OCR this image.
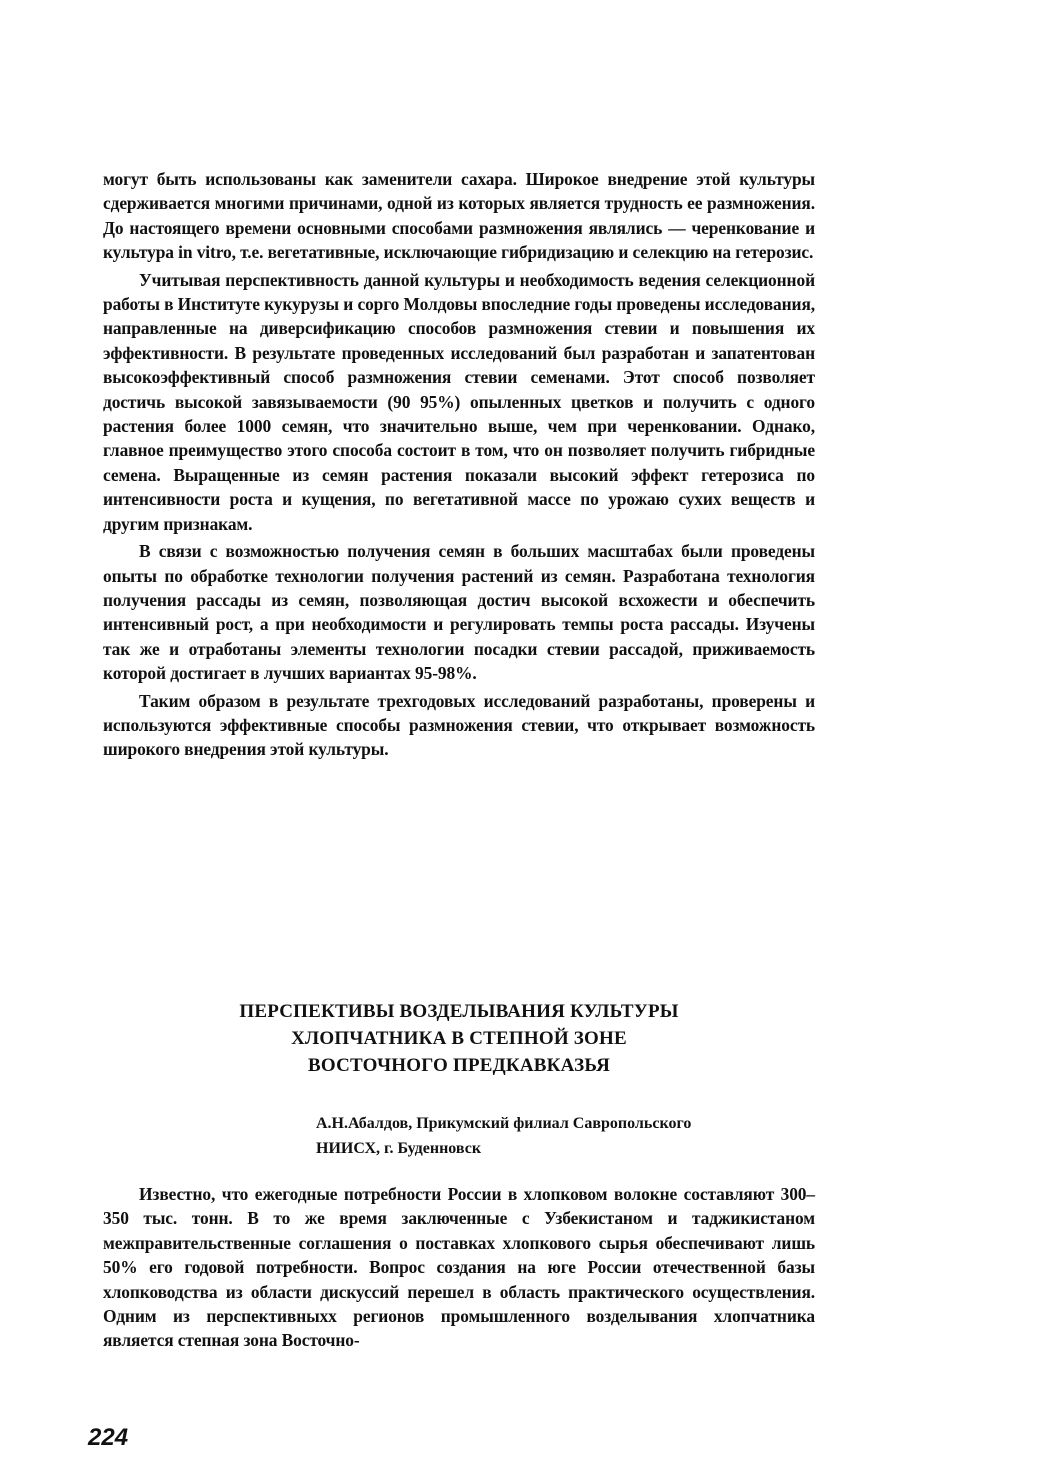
могут быть использованы как заменители сахара. Широкое внедрение этой культуры сдерживается многими причинами, одной из которых является трудность ее размножения. До настоящего времени основными способами размножения являлись — черенкование и культура in vitro, т.е. вегетативные, исключающие гибридизацию и селекцию на гетерозис.

Учитывая перспективность данной культуры и необходимость ведения селекционной работы в Институте кукурузы и сорго Молдовы впоследние годы проведены исследования, направленные на диверсификацию способов размножения стевии и повышения их эффективности. В результате проведенных исследований был разработан и запатентован высокоэффективный способ размножения стевии семенами. Этот способ позволяет достичь высокой завязываемости (90 95%) опыленных цветков и получить с одного растения более 1000 семян, что значительно выше, чем при черенковании. Однако, главное преимущество этого способа состоит в том, что он позволяет получить гибридные семена. Выращенные из семян растения показали высокий эффект гетерозиса по интенсивности роста и кущения, по вегетативной массе по урожаю сухих веществ и другим признакам.

В связи с возможностью получения семян в больших масштабах были проведены опыты по обработке технологии получения растений из семян. Разработана технология получения рассады из семян, позволяющая достич высокой всхожести и обеспечить интенсивный рост, а при необходимости и регулировать темпы роста рассады. Изучены так же и отработаны элементы технологии посадки стевии рассадой, приживаемость которой достигает в лучших вариантах 95-98%.

Таким образом в результате трехгодовых исследований разработаны, проверены и используются эффективные способы размножения стевии, что открывает возможность широкого внедрения этой культуры.

ПЕРСПЕКТИВЫ ВОЗДЕЛЫВАНИЯ КУЛЬТУРЫ
ХЛОПЧАТНИКА В СТЕПНОЙ ЗОНЕ
ВОСТОЧНОГО ПРЕДКАВКАЗЬЯ
А.Н.Абалдов, Прикумский филиал Савропольского
НИИСХ, г. Буденновск

Известно, что ежегодные потребности России в хлопковом волокне составляют 300–350 тыс. тонн. В то же время заключенные с Узбекистаном и таджикистаном межправительственные соглашения о поставках хлопкового сырья обеспечивают лишь 50% его годовой потребности. Вопрос создания на юге России отечественной базы хлопководства из области дискуссий перешел в область практического осуществления. Одним из перспективныхх регионов промышленного возделывания хлопчатника является степная зона Восточно-

224
